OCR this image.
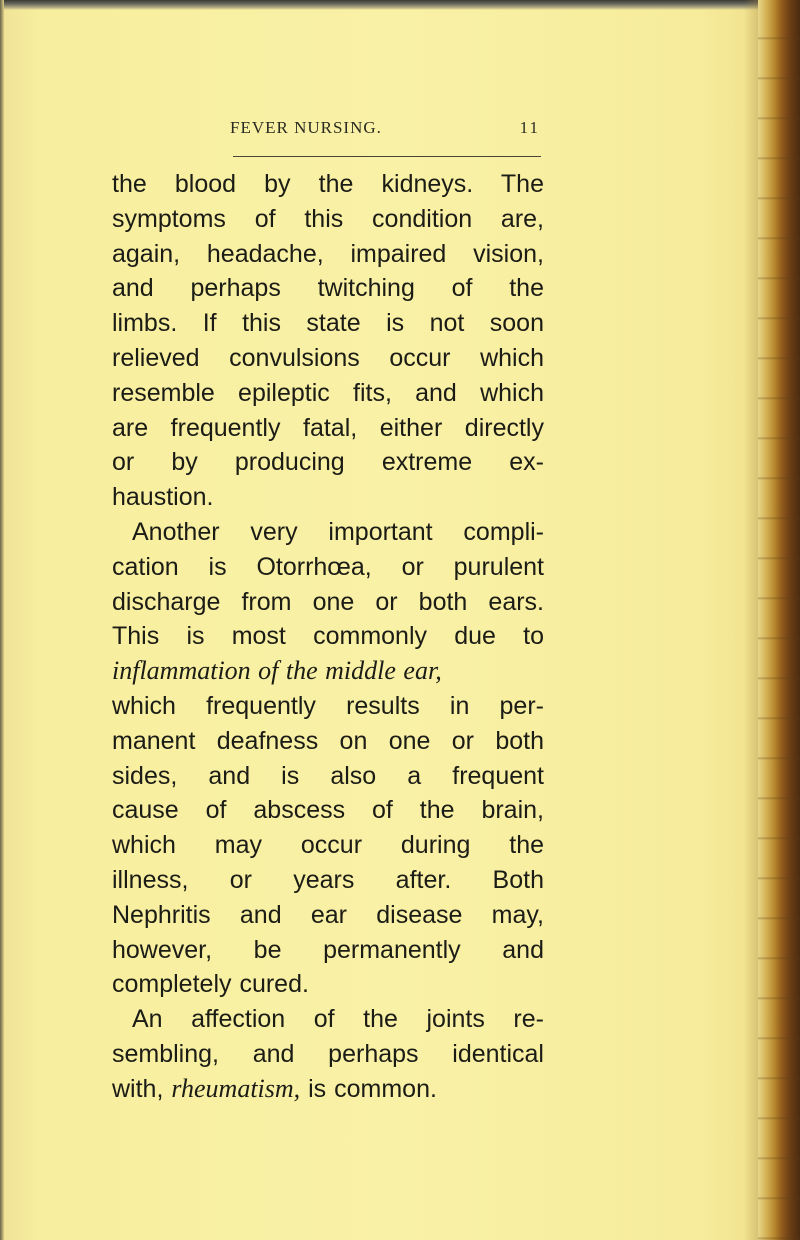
FEVER NURSING.	11
the blood by the kidneys. The
symptoms of this condition are,
again, headache, impaired vision,
and perhaps twitching of the
limbs. If this state is not soon
relieved convulsions occur which
resemble epileptic fits, and which
are frequently fatal, either directly
or by producing extreme ex-
haustion.
Another very important compli-
cation is Otorrhœa, or purulent
discharge from one or both ears.
This is most commonly due to
inflammation of the middle ear,
which frequently results in per-
manent deafness on one or both
sides, and is also a frequent
cause of abscess of the brain,
which may occur during the
illness, or years after. Both
Nephritis and ear disease may,
however, be permanently and
completely cured.
An affection of the joints re-
sembling, and perhaps identical
with, rheumatism, is common.
